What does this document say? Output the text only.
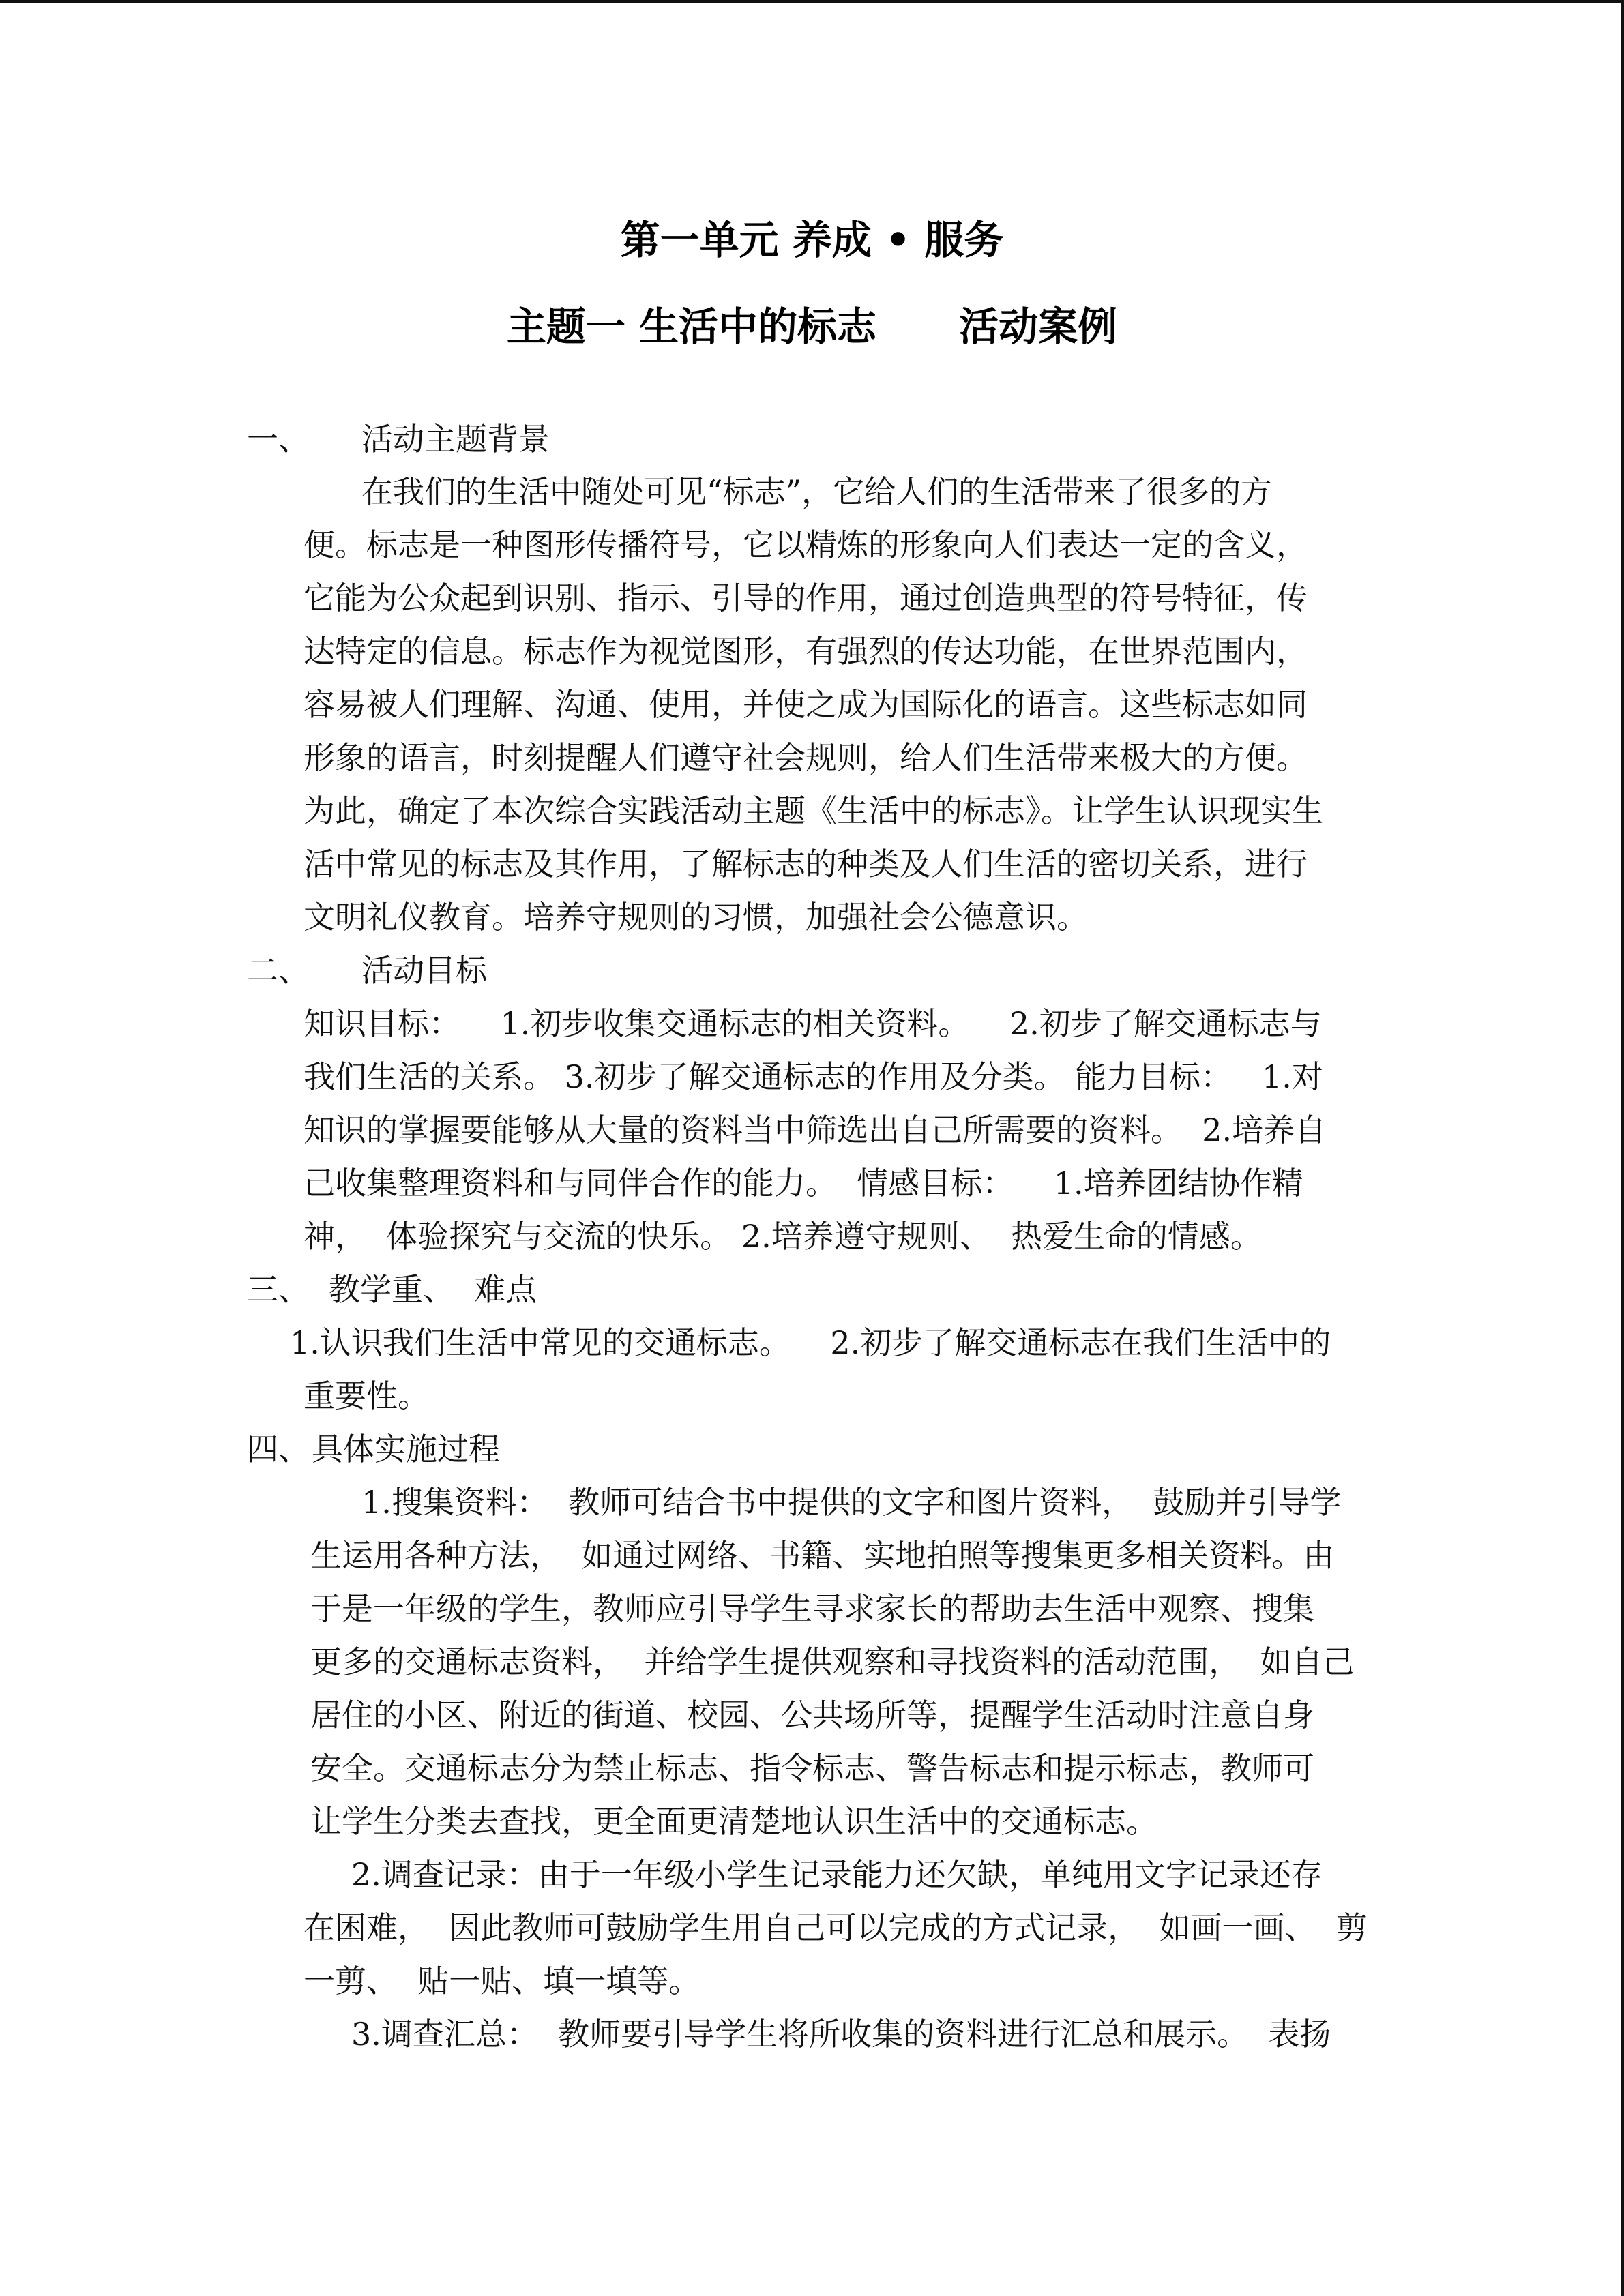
第一单元 养成 • 服务
主题一 生活中的标志      活动案例
一、 活动主题背景
在我们的生活中随处可见“标志”，它给人们的生活带来了很多的方
便。标志是一种图形传播符号，它以精炼的形象向人们表达一定的含义，
它能为公众起到识别、指示、引导的作用，通过创造典型的符号特征，传
达特定的信息。标志作为视觉图形，有强烈的传达功能，在世界范围内，
容易被人们理解、沟通、使用，并使之成为国际化的语言。这些标志如同
形象的语言，时刻提醒人们遵守社会规则，给人们生活带来极大的方便。
为此，确定了本次综合实践活动主题《生活中的标志》。让学生认识现实生
活中常见的标志及其作用，了解标志的种类及人们生活的密切关系，进行
文明礼仪教育。培养守规则的习惯，加强社会公德意识。
二、 活动目标
知识目标：    1.初步收集交通标志的相关资料。    2.初步了解交通标志与
我们生活的关系。 3.初步了解交通标志的作用及分类。 能力目标：   1.对
知识的掌握要能够从大量的资料当中筛选出自己所需要的资料。  2.培养自
己收集整理资料和与同伴合作的能力。  情感目标：    1.培养团结协作精
神，  体验探究与交流的快乐。 2.培养遵守规则、  热爱生命的情感。
三、 教学重、  难点
1.认识我们生活中常见的交通标志。    2.初步了解交通标志在我们生活中的
重要性。
四、 具体实施过程
1.搜集资料：  教师可结合书中提供的文字和图片资料，  鼓励并引导学
生运用各种方法，  如通过网络、书籍、实地拍照等搜集更多相关资料。由
于是一年级的学生，教师应引导学生寻求家长的帮助去生活中观察、搜集
更多的交通标志资料，  并给学生提供观察和寻找资料的活动范围，  如自己
居住的小区、附近的街道、校园、公共场所等，提醒学生活动时注意自身
安全。交通标志分为禁止标志、指令标志、警告标志和提示标志，教师可
让学生分类去查找，更全面更清楚地认识生活中的交通标志。
2.调查记录：由于一年级小学生记录能力还欠缺，单纯用文字记录还存
在困难，  因此教师可鼓励学生用自己可以完成的方式记录，  如画一画、  剪
一剪、  贴一贴、填一填等。
3.调查汇总：  教师要引导学生将所收集的资料进行汇总和展示。  表扬
